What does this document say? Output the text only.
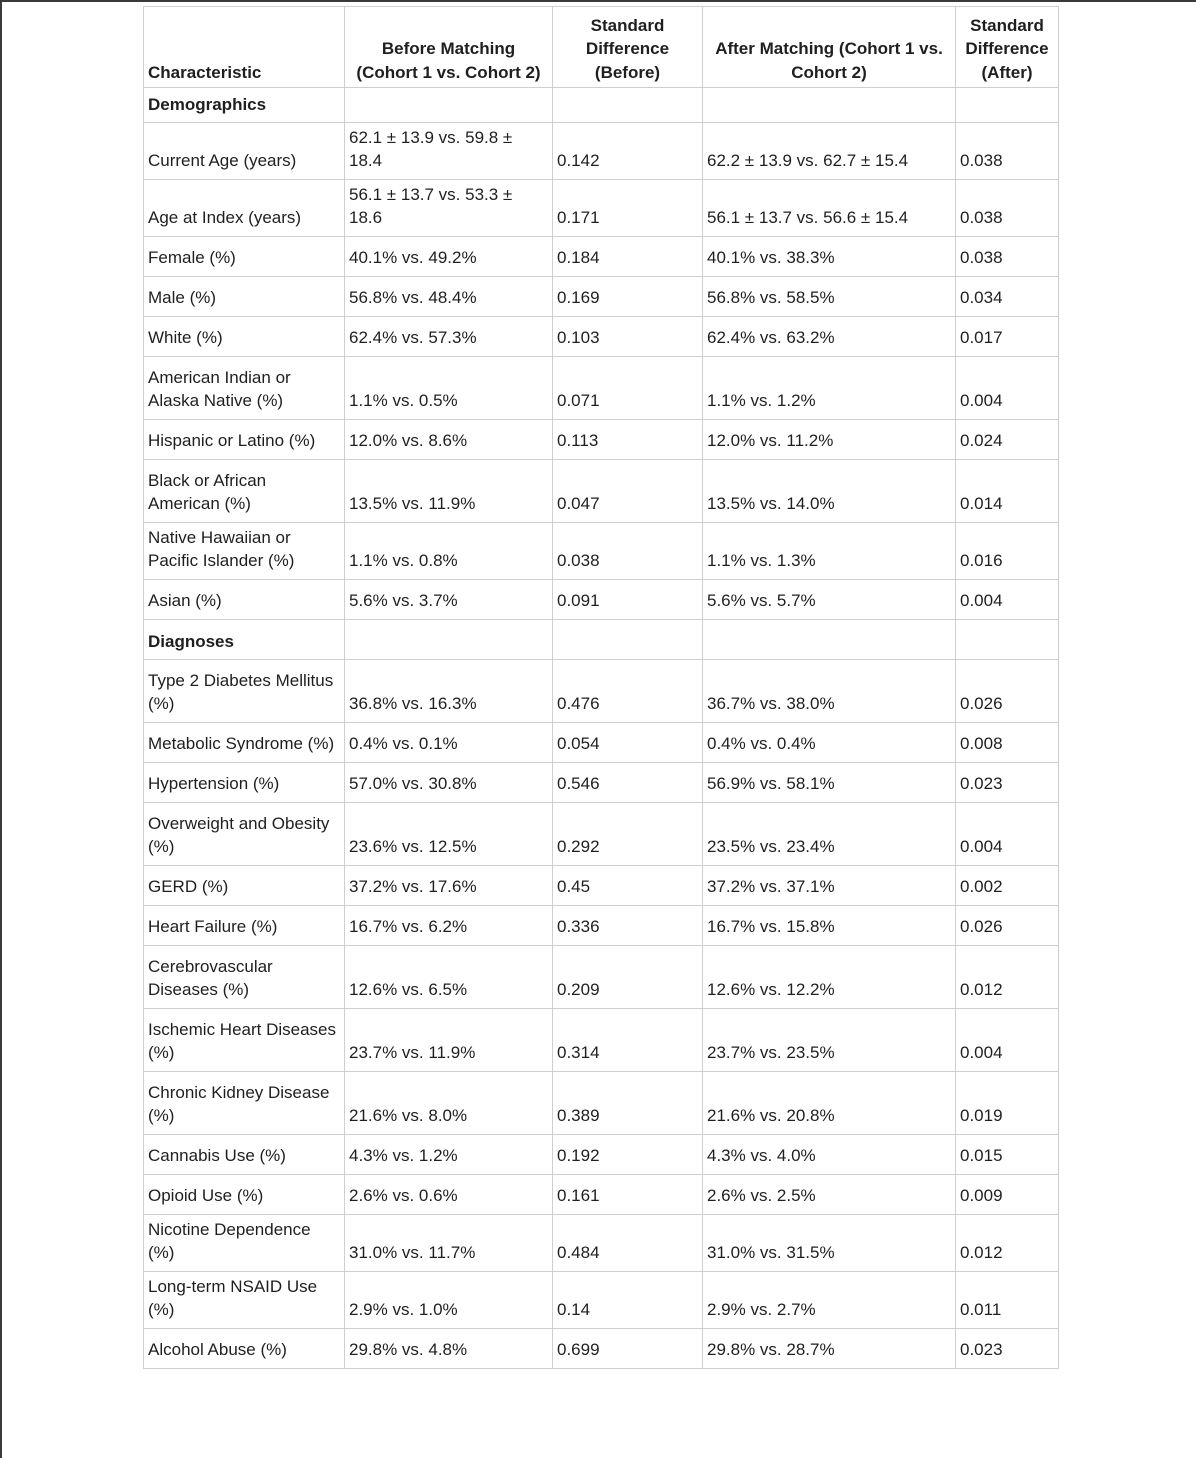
Characteristic	Before Matching (Cohort 1 vs. Cohort 2)	Standard Difference (Before)	After Matching (Cohort 1 vs. Cohort 2)	Standard Difference (After)
Demographics				
Current Age (years)	62.1 ± 13.9 vs. 59.8 ± 18.4	0.142	62.2 ± 13.9 vs. 62.7 ± 15.4	0.038
Age at Index (years)	56.1 ± 13.7 vs. 53.3 ± 18.6	0.171	56.1 ± 13.7 vs. 56.6 ± 15.4	0.038
Female (%)	40.1% vs. 49.2%	0.184	40.1% vs. 38.3%	0.038
Male (%)	56.8% vs. 48.4%	0.169	56.8% vs. 58.5%	0.034
White (%)	62.4% vs. 57.3%	0.103	62.4% vs. 63.2%	0.017
American Indian or Alaska Native (%)	1.1% vs. 0.5%	0.071	1.1% vs. 1.2%	0.004
Hispanic or Latino (%)	12.0% vs. 8.6%	0.113	12.0% vs. 11.2%	0.024
Black or African American (%)	13.5% vs. 11.9%	0.047	13.5% vs. 14.0%	0.014
Native Hawaiian or Pacific Islander (%)	1.1% vs. 0.8%	0.038	1.1% vs. 1.3%	0.016
Asian (%)	5.6% vs. 3.7%	0.091	5.6% vs. 5.7%	0.004
Diagnoses				
Type 2 Diabetes Mellitus (%)	36.8% vs. 16.3%	0.476	36.7% vs. 38.0%	0.026
Metabolic Syndrome (%)	0.4% vs. 0.1%	0.054	0.4% vs. 0.4%	0.008
Hypertension (%)	57.0% vs. 30.8%	0.546	56.9% vs. 58.1%	0.023
Overweight and Obesity (%)	23.6% vs. 12.5%	0.292	23.5% vs. 23.4%	0.004
GERD (%)	37.2% vs. 17.6%	0.45	37.2% vs. 37.1%	0.002
Heart Failure (%)	16.7% vs. 6.2%	0.336	16.7% vs. 15.8%	0.026
Cerebrovascular Diseases (%)	12.6% vs. 6.5%	0.209	12.6% vs. 12.2%	0.012
Ischemic Heart Diseases (%)	23.7% vs. 11.9%	0.314	23.7% vs. 23.5%	0.004
Chronic Kidney Disease (%)	21.6% vs. 8.0%	0.389	21.6% vs. 20.8%	0.019
Cannabis Use (%)	4.3% vs. 1.2%	0.192	4.3% vs. 4.0%	0.015
Opioid Use (%)	2.6% vs. 0.6%	0.161	2.6% vs. 2.5%	0.009
Nicotine Dependence (%)	31.0% vs. 11.7%	0.484	31.0% vs. 31.5%	0.012
Long-term NSAID Use (%)	2.9% vs. 1.0%	0.14	2.9% vs. 2.7%	0.011
Alcohol Abuse (%)	29.8% vs. 4.8%	0.699	29.8% vs. 28.7%	0.023
